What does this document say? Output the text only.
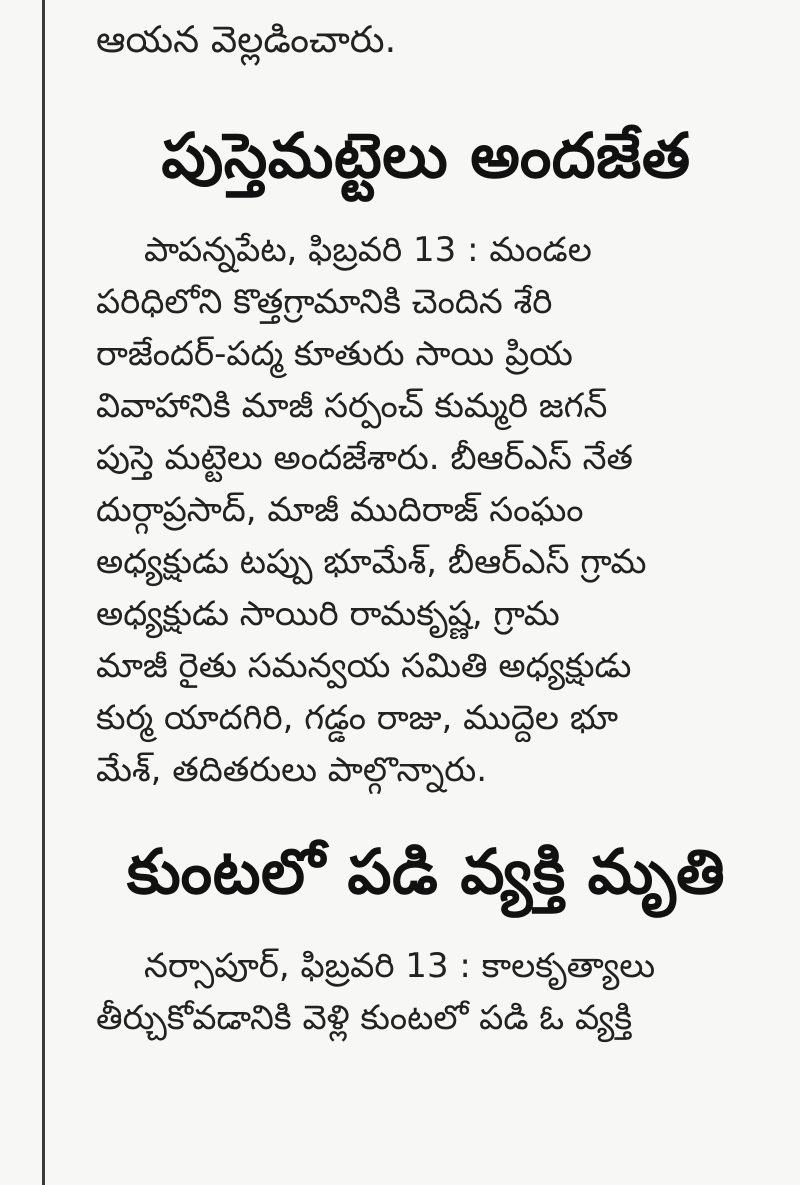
ఆయన వెల్లడించారు.

పుస్తెమట్టెలు అందజేత
పాపన్నపేట, ఫిబ్రవరి 13 : మండల
పరిధిలోని కొత్తగ్రామానికి చెందిన శేరి
రాజేందర్-పద్మ కూతురు సాయి ప్రియ
వివాహానికి మాజీ సర్పంచ్ కుమ్మరి జగన్
పుస్తె మట్టెలు అందజేశారు. బీఆర్ఎస్ నేత
దుర్గాప్రసాద్, మాజీ ముదిరాజ్ సంఘం
అధ్యక్షుడు టప్పు భూమేశ్, బీఆర్ఎస్ గ్రామ
అధ్యక్షుడు సాయిరి రామకృష్ణ, గ్రామ
మాజీ రైతు సమన్వయ సమితి అధ్యక్షుడు
కుర్మ యాదగిరి, గడ్డం రాజు, ముద్దెల భూ
మేశ్, తదితరులు పాల్గొన్నారు.
కుంటలో పడి వ్యక్తి మృతి
నర్సాపూర్, ఫిబ్రవరి 13 : కాలకృత్యాలు
తీర్చుకోవడానికి వెళ్లి కుంటలో పడి ఓ వ్యక్తి
